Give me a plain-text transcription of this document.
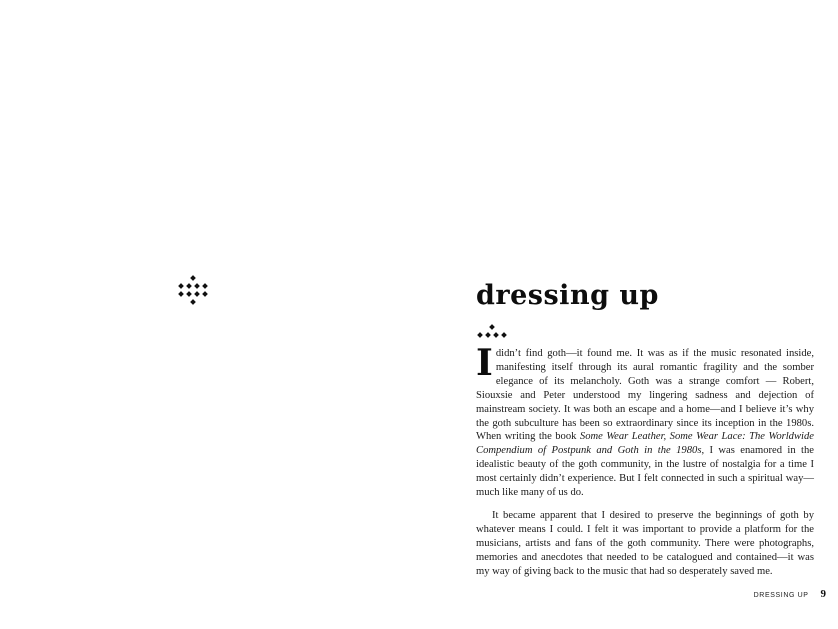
dressing up

Ididn’t find goth—it found me. It was as if the music resonated inside, manifesting itself through its aural romantic fragility and the somber elegance of its melancholy. Goth was a strange comfort — Robert, Siouxsie and Peter understood my lingering sadness and dejection of mainstream society. It was both an escape and a home—and I believe it’s why the goth subculture has been so extraordinary since its inception in the 1980s. When writing the book Some Wear Leather, Some Wear Lace: The Worldwide Compendium of Postpunk and Goth in the 1980s, I was enamored in the idealistic beauty of the goth community, in the lustre of nostalgia for a time I most certainly didn’t experience. But I felt connected in such a spiritual way—much like many of us do.

It became apparent that I desired to preserve the beginnings of goth by whatever means I could. I felt it was important to provide a platform for the musicians, artists and fans of the goth community. There were photographs, memories and anecdotes that needed to be catalogued and contained—it was my way of giving back to the music that had so desperately saved me.

DRESSING UP 9
